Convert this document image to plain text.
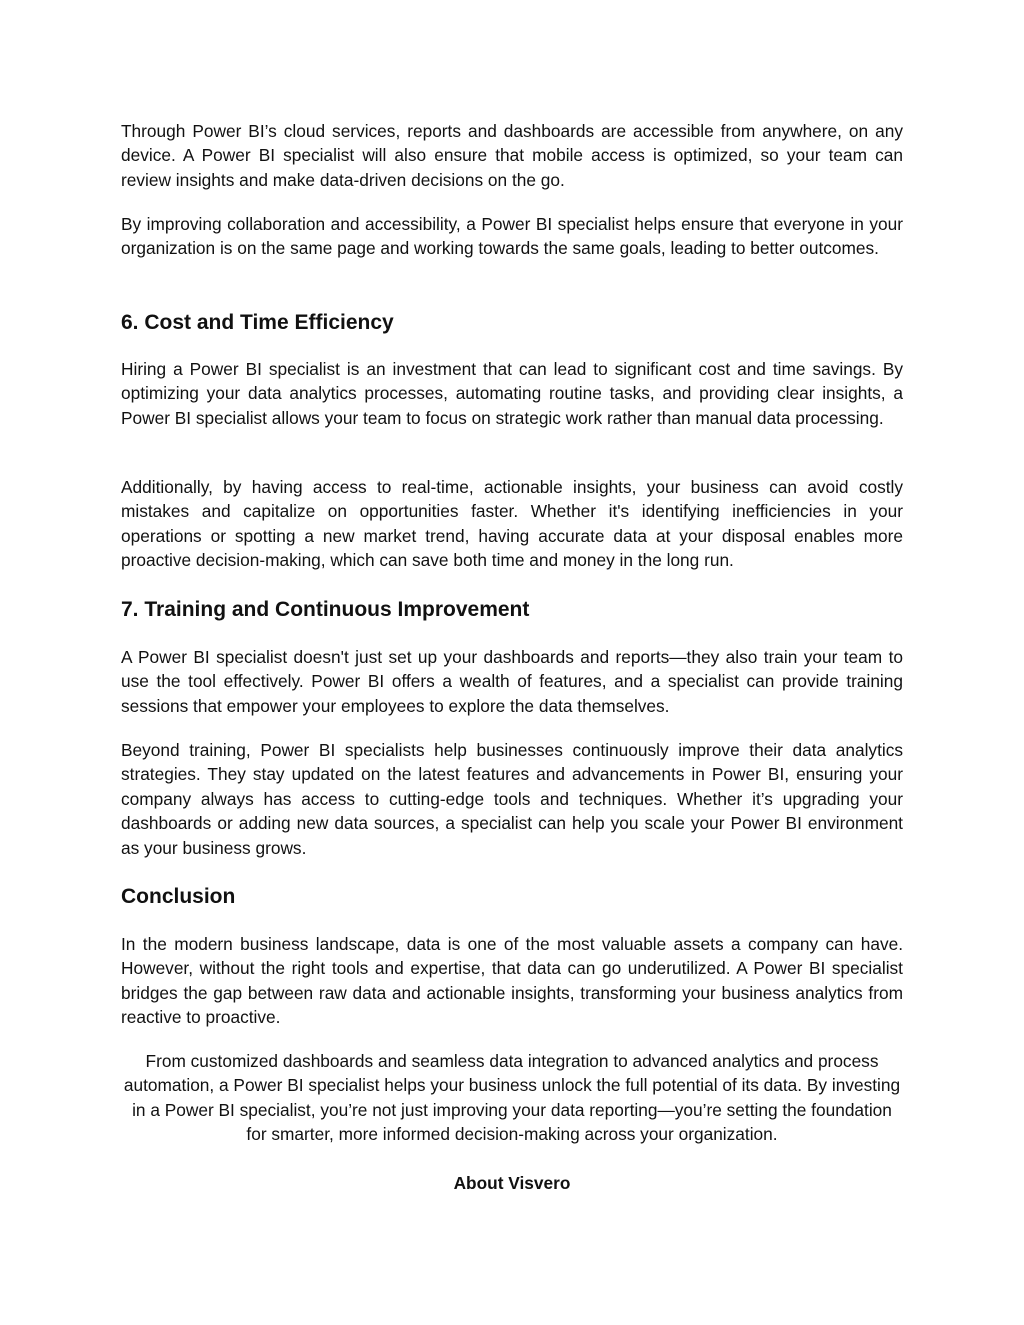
Through Power BI’s cloud services, reports and dashboards are accessible from anywhere, on any device. A Power BI specialist will also ensure that mobile access is optimized, so your team can review insights and make data-driven decisions on the go.

By improving collaboration and accessibility, a Power BI specialist helps ensure that everyone in your organization is on the same page and working towards the same goals, leading to better outcomes.

6. Cost and Time Efficiency

Hiring a Power BI specialist is an investment that can lead to significant cost and time savings. By optimizing your data analytics processes, automating routine tasks, and providing clear insights, a Power BI specialist allows your team to focus on strategic work rather than manual data processing.

Additionally, by having access to real-time, actionable insights, your business can avoid costly mistakes and capitalize on opportunities faster. Whether it's identifying inefficiencies in your operations or spotting a new market trend, having accurate data at your disposal enables more proactive decision-making, which can save both time and money in the long run.

7. Training and Continuous Improvement

A Power BI specialist doesn't just set up your dashboards and reports—they also train your team to use the tool effectively. Power BI offers a wealth of features, and a specialist can provide training sessions that empower your employees to explore the data themselves.

Beyond training, Power BI specialists help businesses continuously improve their data analytics strategies. They stay updated on the latest features and advancements in Power BI, ensuring your company always has access to cutting-edge tools and techniques. Whether it’s upgrading your dashboards or adding new data sources, a specialist can help you scale your Power BI environment as your business grows.

Conclusion

In the modern business landscape, data is one of the most valuable assets a company can have. However, without the right tools and expertise, that data can go underutilized. A Power BI specialist bridges the gap between raw data and actionable insights, transforming your business analytics from reactive to proactive.

From customized dashboards and seamless data integration to advanced analytics and process automation, a Power BI specialist helps your business unlock the full potential of its data. By investing in a Power BI specialist, you’re not just improving your data reporting—you’re setting the foundation for smarter, more informed decision-making across your organization.

About Visvero
